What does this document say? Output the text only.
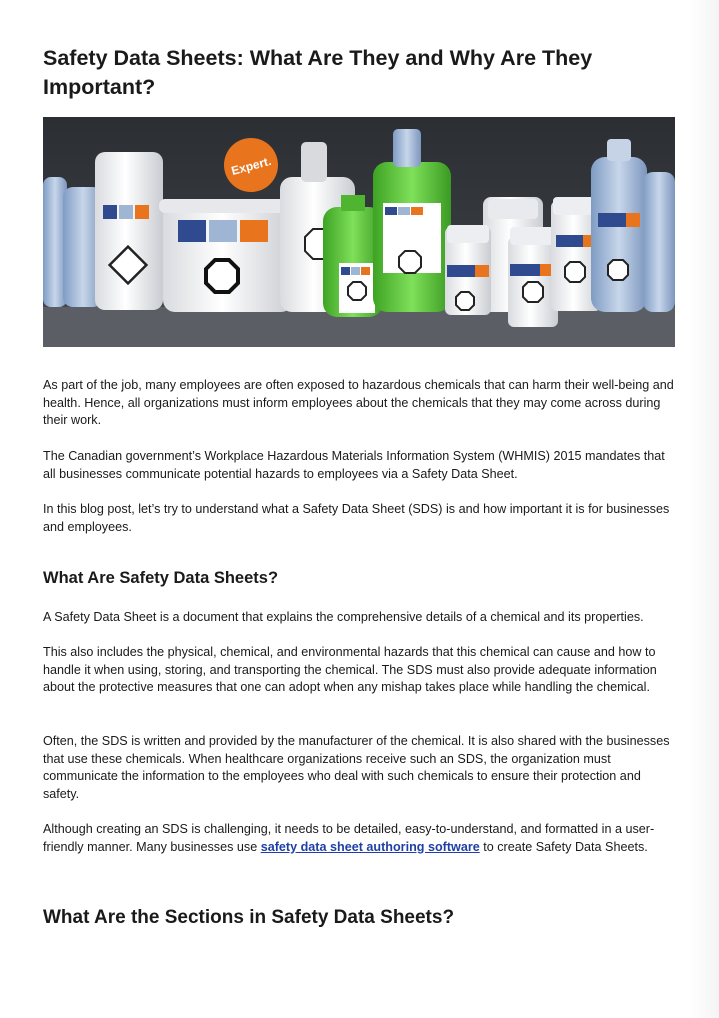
Safety Data Sheets: What Are They and Why Are They Important?
Expert.

As part of the job, many employees are often exposed to hazardous chemicals that can harm their well-being and health. Hence, all organizations must inform employees about the chemicals that they may come across during their work.

The Canadian government’s Workplace Hazardous Materials Information System (WHMIS) 2015 mandates that all businesses communicate potential hazards to employees via a Safety Data Sheet.

In this blog post, let’s try to understand what a Safety Data Sheet (SDS) is and how important it is for businesses and employees.

What Are Safety Data Sheets?

A Safety Data Sheet is a document that explains the comprehensive details of a chemical and its properties.

This also includes the physical, chemical, and environmental hazards that this chemical can cause and how to handle it when using, storing, and transporting the chemical. The SDS must also provide adequate information about the protective measures that one can adopt when any mishap takes place while handling the chemical.

Often, the SDS is written and provided by the manufacturer of the chemical. It is also shared with the businesses that use these chemicals. When healthcare organizations receive such an SDS, the organization must communicate the information to the employees who deal with such chemicals to ensure their protection and safety.

Although creating an SDS is challenging, it needs to be detailed, easy-to-understand, and formatted in a user-friendly manner. Many businesses use safety data sheet authoring software to create Safety Data Sheets.

What Are the Sections in Safety Data Sheets?
